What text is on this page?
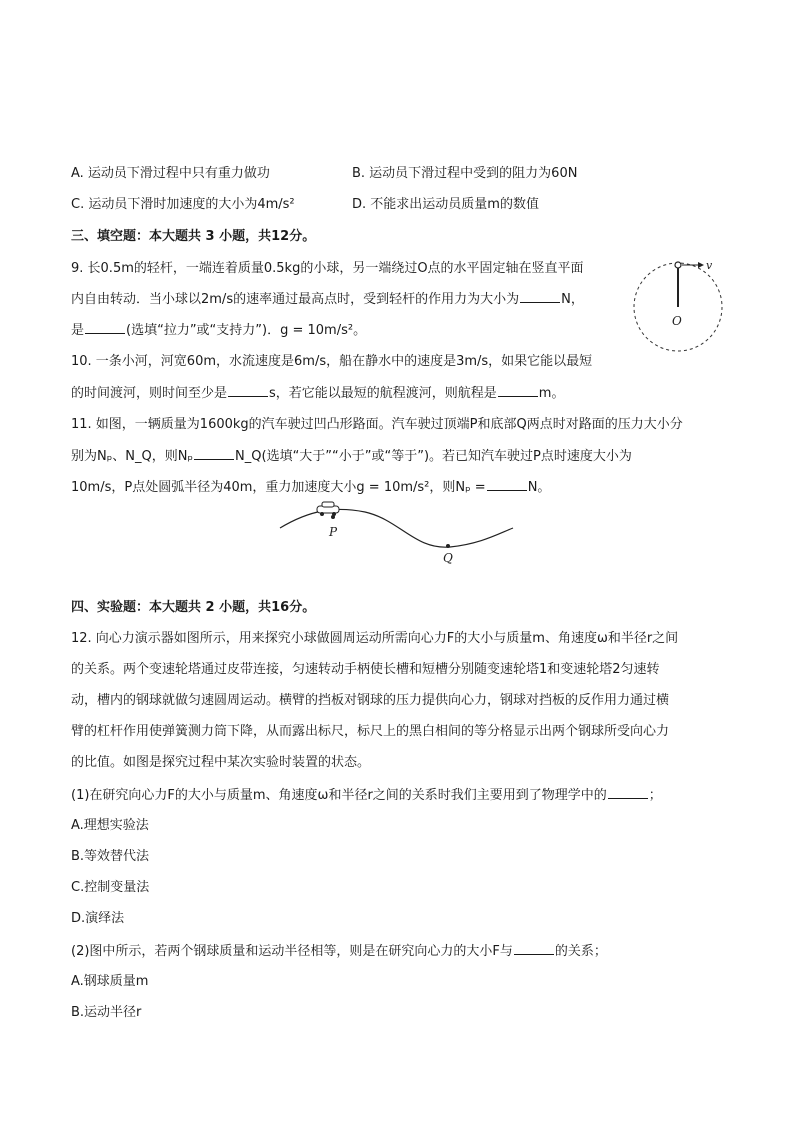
A. 运动员下滑过程中只有重力做功	B. 运动员下滑过程中受到的阻力为60N
C. 运动员下滑时加速度的大小为4m/s²	D. 不能求出运动员质量m的数值
三、填空题：本大题共 3 小题，共12分。
9. 长0.5m的轻杆，一端连着质量0.5kg的小球，另一端绕过O点的水平固定轴在竖直平面
内自由转动．当小球以2m/s的速率通过最高点时，受到轻杆的作用力为大小为	N，
是	(选填“拉力”或“支持力”)．g = 10m/s²。
v
O
10. 一条小河，河宽60m，水流速度是6m/s，船在静水中的速度是3m/s，如果它能以最短
的时间渡河，则时间至少是	s，若它能以最短的航程渡河，则航程是	m。
11. 如图，一辆质量为1600kg的汽车驶过凹凸形路面。汽车驶过顶端P和底部Q两点时对路面的压力大小分
别为Nₚ、N_Q，则Nₚ	N_Q(选填“大于”“小于”或“等于”)。若已知汽车驶过P点时速度大小为
10m/s，P点处圆弧半径为40m，重力加速度大小g = 10m/s²，则Nₚ =	N。
P
Q
四、实验题：本大题共 2 小题，共16分。
12. 向心力演示器如图所示，用来探究小球做圆周运动所需向心力F的大小与质量m、角速度ω和半径r之间
的关系。两个变速轮塔通过皮带连接，匀速转动手柄使长槽和短槽分别随变速轮塔1和变速轮塔2匀速转
动，槽内的钢球就做匀速圆周运动。横臂的挡板对钢球的压力提供向心力，钢球对挡板的反作用力通过横
臂的杠杆作用使弹簧测力筒下降，从而露出标尺，标尺上的黑白相间的等分格显示出两个钢球所受向心力
的比值。如图是探究过程中某次实验时装置的状态。
(1)在研究向心力F的大小与质量m、角速度ω和半径r之间的关系时我们主要用到了物理学中的	；
A.理想实验法
B.等效替代法
C.控制变量法
D.演绎法
(2)图中所示，若两个钢球质量和运动半径相等，则是在研究向心力的大小F与	的关系；
A.钢球质量m
B.运动半径r
